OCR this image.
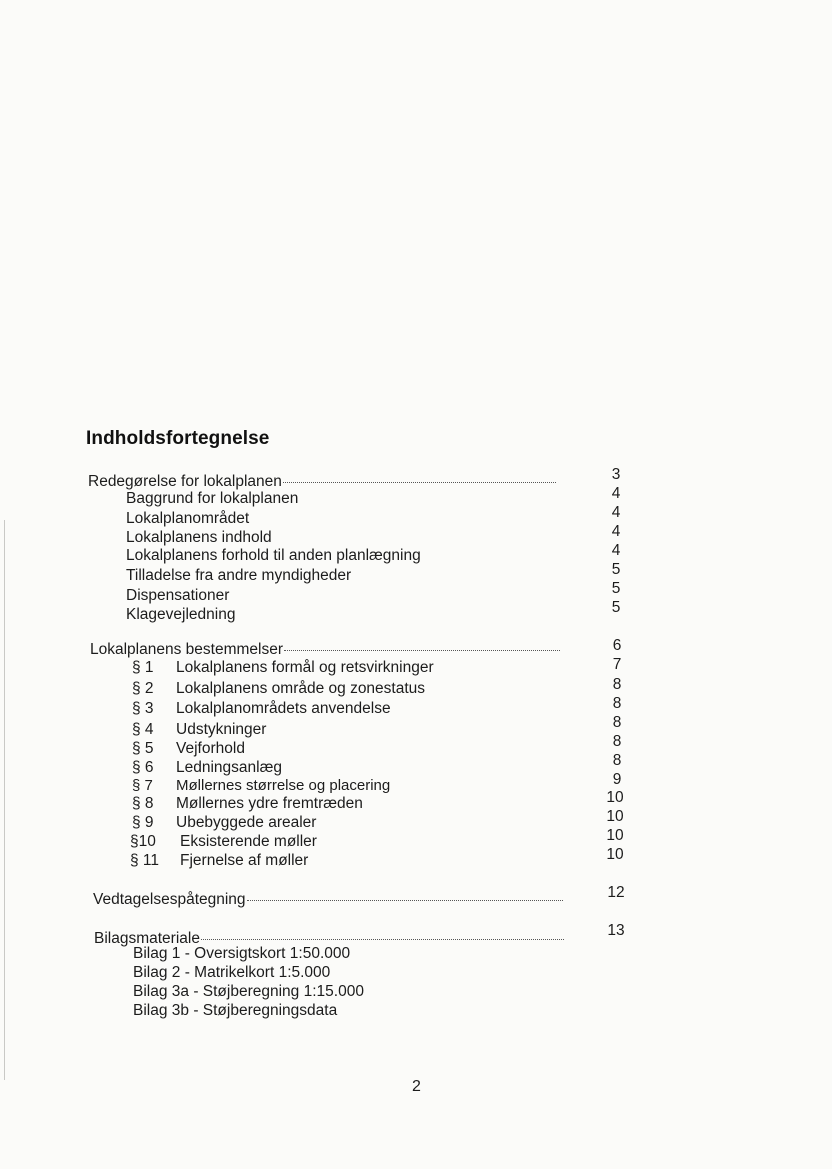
Indholdsfortegnelse
Redegørelse for lokalplanen	3
Baggrund for lokalplanen	4
Lokalplanområdet	4
Lokalplanens indhold	4
Lokalplanens forhold til anden planlægning	4
Tilladelse fra andre myndigheder	5
Dispensationer	5
Klagevejledning	5
Lokalplanens bestemmelser	6
§ 1 Lokalplanens formål og retsvirkninger	7
§ 2 Lokalplanens område og zonestatus	8
§ 3 Lokalplanområdets anvendelse	8
§ 4 Udstykninger	8
§ 5 Vejforhold	8
§ 6 Ledningsanlæg	8
§ 7 Møllernes størrelse og placering	9
§ 8 Møllernes ydre fremtræden	10
§ 9 Ubebyggede arealer	10
§10 Eksisterende møller	10
§ 11 Fjernelse af møller	10
Vedtagelsespåtegning	12
Bilagsmateriale	13
Bilag 1 - Oversigtskort 1:50.000
Bilag 2 - Matrikelkort 1:5.000
Bilag 3a - Støjberegning 1:15.000
Bilag 3b - Støjberegningsdata
2
